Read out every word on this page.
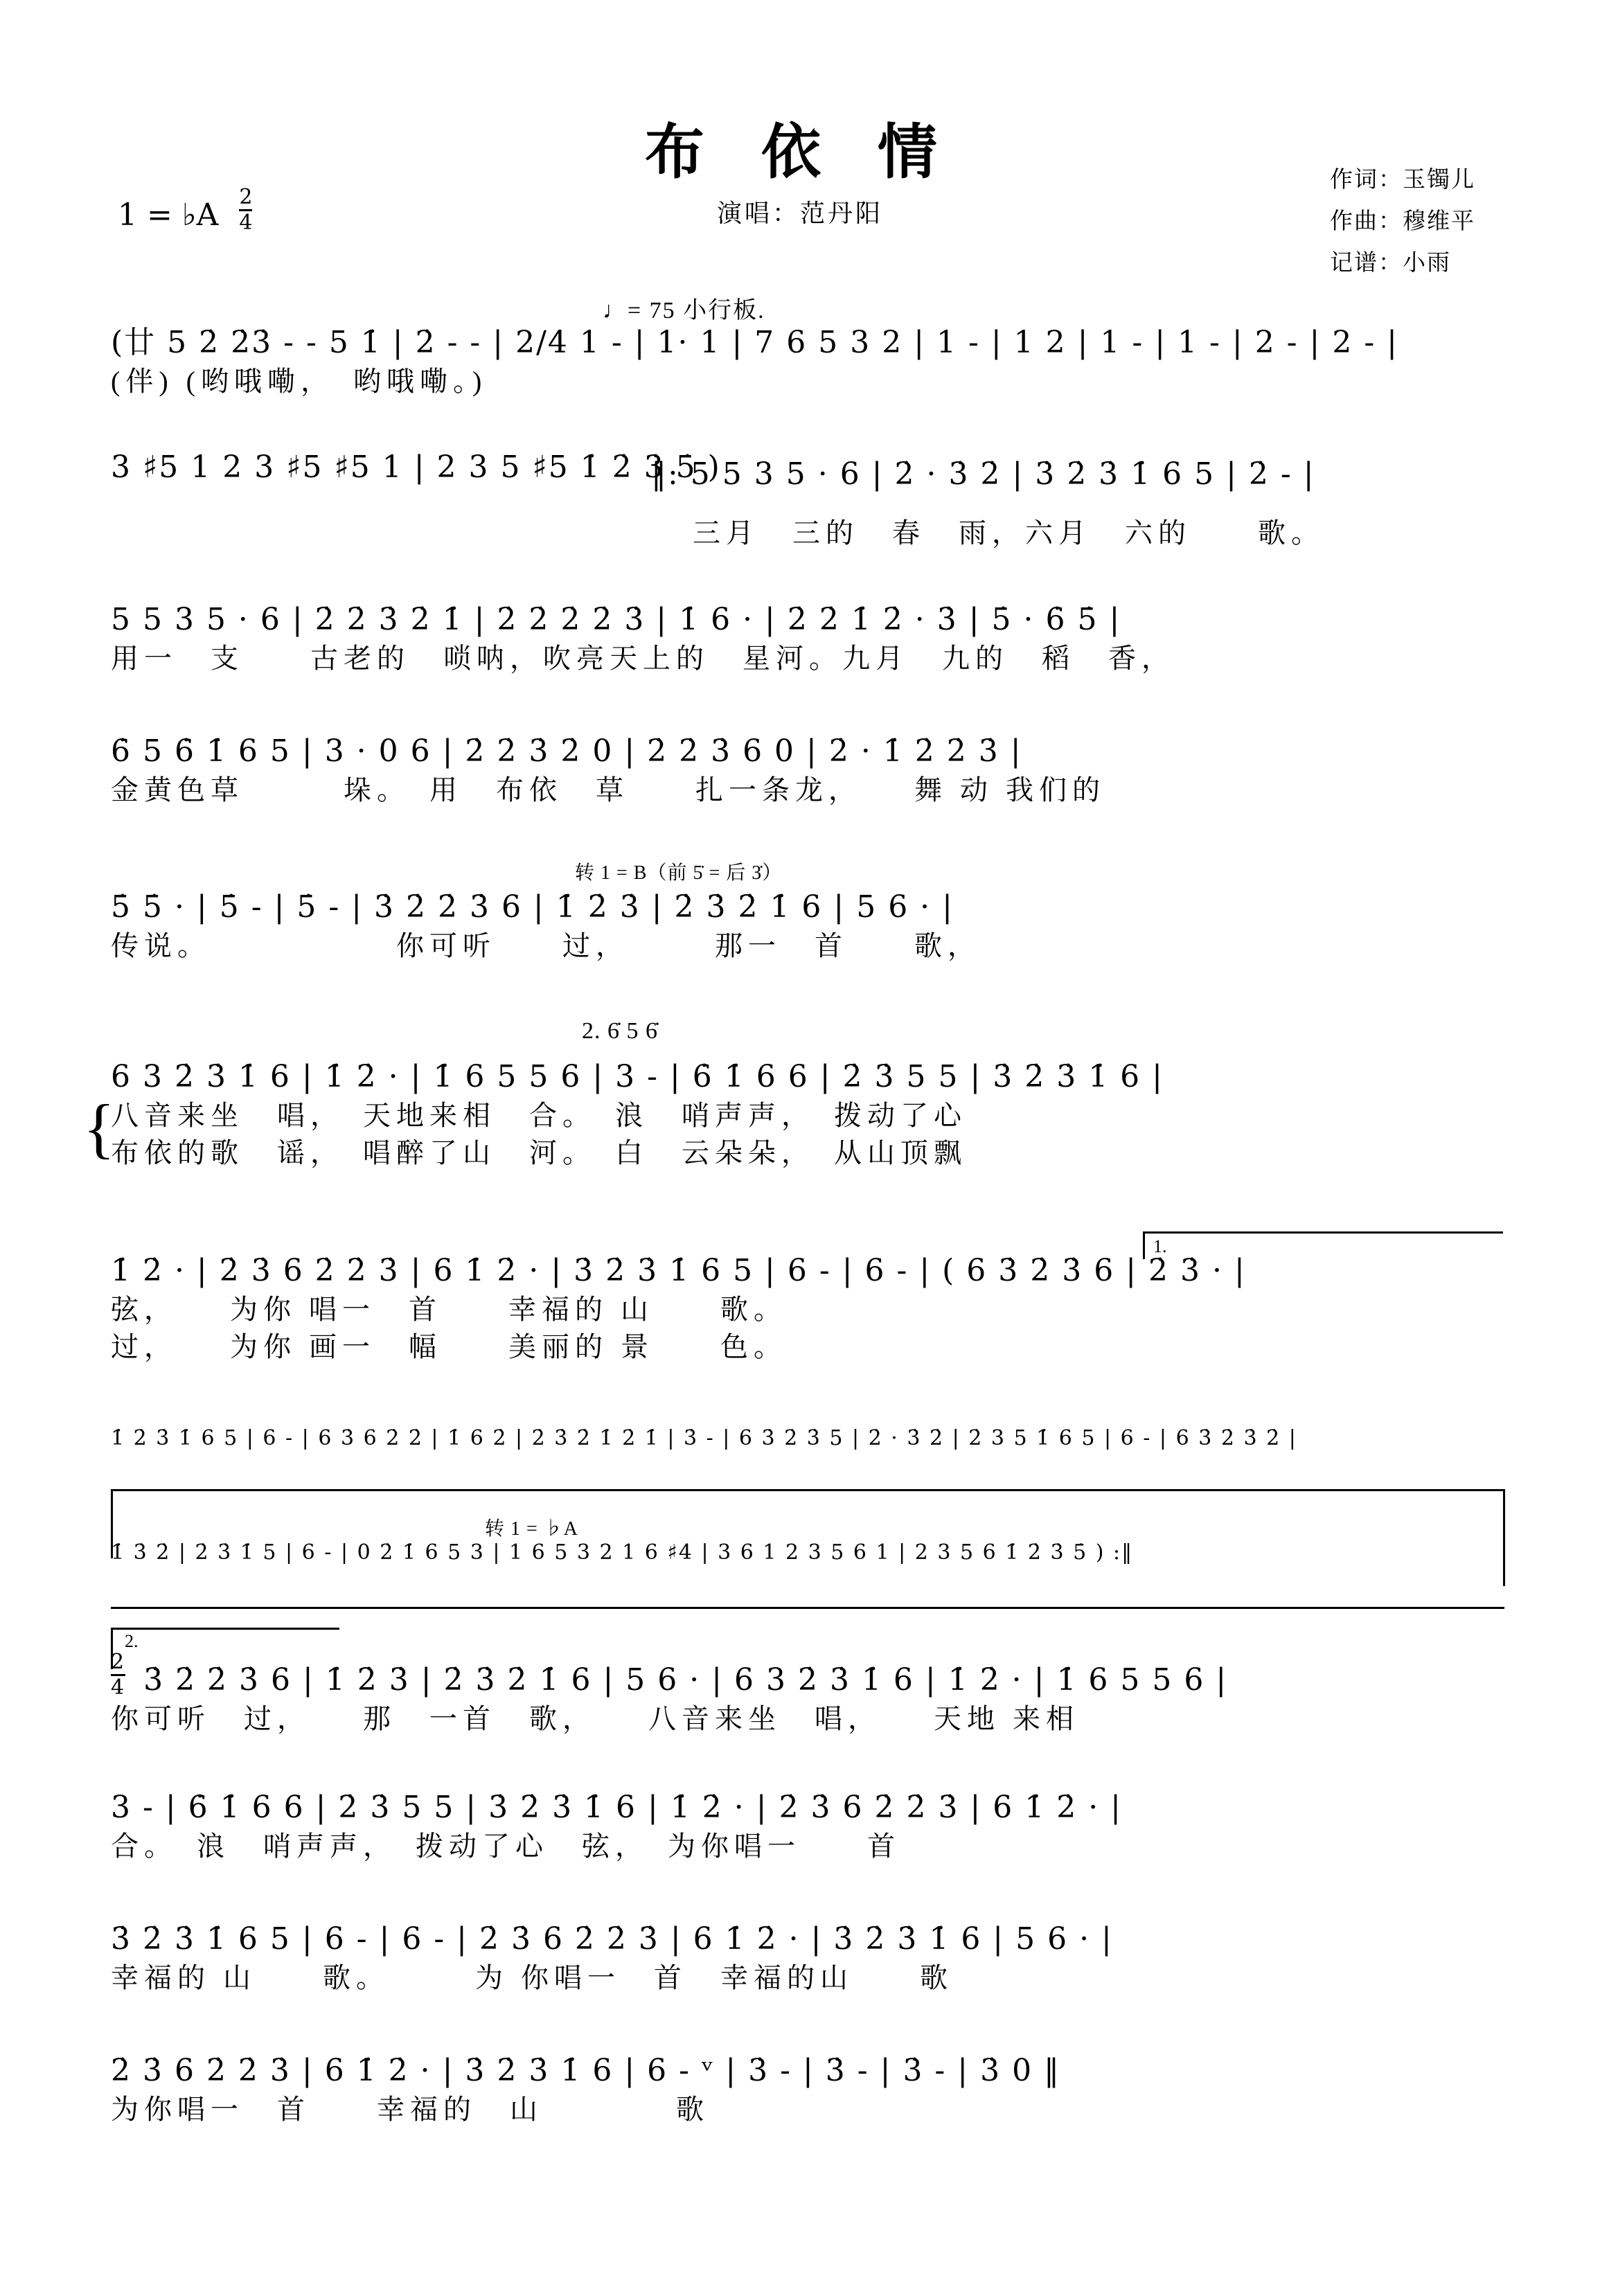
布 依 情
演唱：范丹阳
作词：玉镯儿
作曲：穆维平
记谱：小雨
1 = ♭A $\frac{2}{4}$
♩= 75 小行板.
(廿 5 2̇ 2̇3̇ - - 5 1̇ | 2̇ - - | 2/4 1 - | 1· 1 | 7 6 5 3 2 | 1 - | 1 2 | 1 - | 1 - | 2 - | 2 - |
(伴) (哟哦嘞，　哟哦嘞。)
3 ♯5 1 2 3 ♯5 ♯5 1 | 2 3 5 ♯5 1̇ 2̇ 3̇ 5̇ )
‖: 5 5 3 5 · 6 | 2̇ · 3̇ 2̇ | 3̇ 2̇ 3̇ 1̇ 6 5 | 2̇ - |
三月　三的　春　雨，六月　六的　　歌。
5 5 3 5 · 6 | 2̇ 2̇ 3̇ 2̇ 1̇ | 2̇ 2̇ 2̇ 2̇ 3̇ | 1̇ 6 · | 2̇ 2̇ 1̇ 2̇ · 3̇ | 5̇ · 6̇ 5̇ |
用一　支　　古老的　唢呐，吹亮天上的　星河。九月　九的　稻　香，
6̇ 5 6̇ 1̇ 6 5 | 3 · 0 6 | 2̇ 2̇ 3̇ 2̇ 0 | 2̇ 2̇ 3̇ 6 0 | 2̇ · 1̇ 2̇ 2̇ 3̇ |
金黄色草　　　垛。　用　布依　草　　扎一条龙，　　舞 动 我们的
转 1 = B（前 5̇ = 后 3̇）
5̇ 5̇ · | 5̇ - | 5̇ - | 3̇ 2̇ 2̇ 3̇ 6 | 1̇ 2̇ 3̇ | 2̇ 3̇ 2̇ 1̇ 6 | 5 6 · |
传说。　　　　　　你可听　　过，　　　那一　首　　歌，
2. 6̇ 5 6̇
{
6 3 2̇ 3̇ 1̇ 6 | 1̇ 2̇ · | 1̇ 6 5 5 6 | 3 - | 6̇ 1̇ 6 6 | 2̇ 3̇ 5 5 | 3̇ 2̇ 3̇ 1̇ 6 |
八音来坐　唱，　天地来相　合。　浪　哨声声，　拨动了心
布依的歌　谣，　唱醉了山　河。　白　云朵朵，　从山顶飘
1.
1̇ 2̇ · | 2̇ 3̇ 6 2̇ 2̇ 3̇ | 6 1̇ 2̇ · | 3̇ 2̇ 3̇ 1̇ 6 5 | 6 - | 6 - | ( 6 3̇ 2̇ 3̇ 6 | 2̇ 3̇ · |
弦，　　为你 唱一　首　　幸福的 山　　歌。
过，　　为你 画一　幅　　美丽的 景　　色。
1̇ 2̇ 3̇ 1̇ 6 5 | 6 - | 6 3̇ 6 2̇ 2̇ | 1̇ 6 2̇ | 2̇ 3̇ 2̇ 1̇ 2̇ 1̇ | 3̇ - | 6 3̇ 2̇ 3̇ 5 | 2̇ · 3̇ 2̇ | 2̇ 3 5 1̇ 6 5 | 6 - | 6 3̇ 2̇ 3̇ 2̇ |
转 1 = ♭A
1̇ 3̇ 2̇ | 2̇ 3̇ 1̇ 5 | 6 - | 0 2̇ 1̇ 6 5 3 | 1 6 5 3 2 1 6 ♯4 | 3 6 1 2 3 5 6 1 | 2 3 5 6 1̇ 2̇ 3̇ 5̇ ) :‖
2.
$\frac{2}{4}$ 3̇ 2̇ 2̇ 3̇ 6 | 1̇ 2̇ 3̇ | 2̇ 3̇ 2̇ 1̇ 6 | 5 6 · | 6 3 2̇ 3̇ 1̇ 6 | 1̇ 2̇ · | 1̇ 6 5 5 6 |
你可听　过，　　那　一首　歌，　　八音来坐　唱，　　天地 来相
3 - | 6̇ 1̇ 6 6 | 2̇ 3̇ 5 5 | 3̇ 2̇ 3̇ 1̇ 6 | 1̇ 2̇ · | 2̇ 3̇ 6 2̇ 2̇ 3̇ | 6 1̇ 2̇ · |
合。　浪　哨声声，　拨动了心　弦，　为你唱一　　首
3̇ 2̇ 3̇ 1̇ 6 5 | 6 - | 6 - | 2̇ 3̇ 6 2̇ 2̇ 3̇ | 6 1̇ 2̇ · | 3̇ 2̇ 3̇ 1̇ 6 | 5 6 · |
幸福的 山　　歌。　　　为 你唱一　首　幸福的山　　歌
2̇ 3̇ 6 2̇ 2̇ 3̇ | 6 1̇ 2̇ · | 3̇ 2̇ 3̇ 1̇ 6 | 6 - ᵛ | 3̇ - | 3̇ - | 3̇ - | 3̇ 0 ‖
为你唱一　首　　幸福的　山　　　　歌
